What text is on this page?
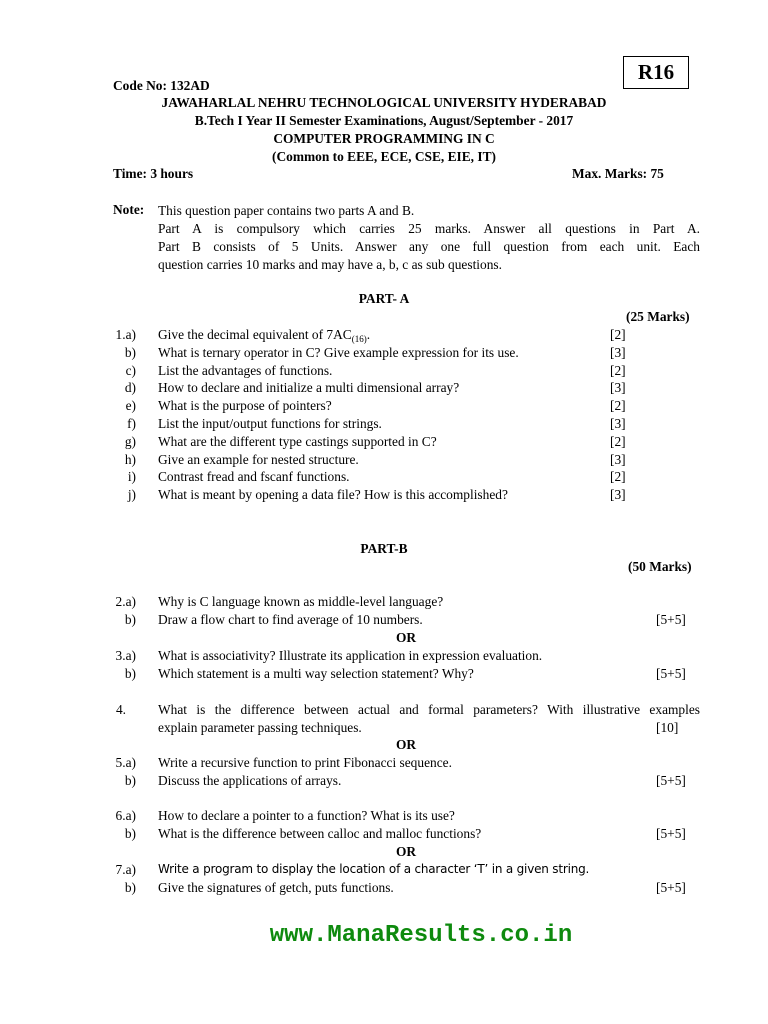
Code No: 132AD
R16
JAWAHARLAL NEHRU TECHNOLOGICAL UNIVERSITY HYDERABAD
B.Tech I Year II Semester Examinations, August/September - 2017
COMPUTER PROGRAMMING IN C
(Common to EEE, ECE, CSE, EIE, IT)
Time: 3 hours	Max. Marks: 75
Note: This question paper contains two parts A and B.
Part A is compulsory which carries 25 marks. Answer all questions in Part A.
Part B consists of 5 Units. Answer any one full question from each unit. Each
question carries 10 marks and may have a, b, c as sub questions.
PART- A
(25 Marks)
1.a) Give the decimal equivalent of $7AC_{(16)}$.	[2]
b) What is ternary operator in C? Give example expression for its use.	[3]
c) List the advantages of functions.	[2]
d) How to declare and initialize a multi dimensional array?	[3]
e) What is the purpose of pointers?	[2]
f) List the input/output functions for strings.	[3]
g) What are the different type castings supported in C?	[2]
h) Give an example for nested structure.	[3]
i) Contrast fread and fscanf functions.	[2]
j) What is meant by opening a data file? How is this accomplished?	[3]
PART-B
(50 Marks)
2.a) Why is C language known as middle-level language?
b) Draw a flow chart to find average of 10 numbers.	[5+5]
OR
3.a) What is associativity? Illustrate its application in expression evaluation.
b) Which statement is a multi way selection statement? Why?	[5+5]
4. What is the difference between actual and formal parameters? With illustrative examples
explain parameter passing techniques.	[10]
OR
5.a) Write a recursive function to print Fibonacci sequence.
b) Discuss the applications of arrays.	[5+5]
6.a) How to declare a pointer to a function? What is its use?
b) What is the difference between calloc and malloc functions?	[5+5]
OR
7.a) Write a program to display the location of a character ‘T’ in a given string.
b) Give the signatures of getch, puts functions.	[5+5]
www.ManaResults.co.in
